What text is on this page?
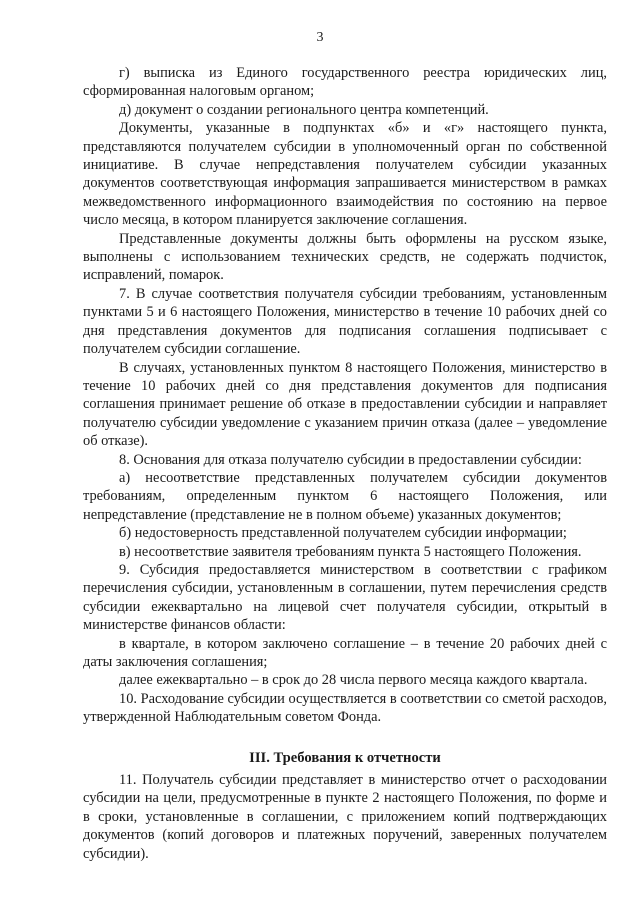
3

г) выписка из Единого государственного реестра юридических лиц, сформированная налоговым органом;

д) документ о создании регионального центра компетенций.

Документы, указанные в подпунктах «б» и «г» настоящего пункта, представляются получателем субсидии в уполномоченный орган по собственной инициативе. В случае непредставления получателем субсидии указанных документов соответствующая информация запрашивается министерством в рамках межведомственного информационного взаимодействия по состоянию на первое число месяца, в котором планируется заключение соглашения.

Представленные документы должны быть оформлены на русском языке, выполнены с использованием технических средств, не содержать подчисток, исправлений, помарок.

7. В случае соответствия получателя субсидии требованиям, установленным пунктами 5 и 6 настоящего Положения, министерство в течение 10 рабочих дней со дня представления документов для подписания соглашения подписывает с получателем субсидии соглашение.

В случаях, установленных пунктом 8 настоящего Положения, министерство в течение 10 рабочих дней со дня представления документов для подписания соглашения принимает решение об отказе в предоставлении субсидии и направляет получателю субсидии уведомление с указанием причин отказа (далее – уведомление об отказе).

8. Основания для отказа получателю субсидии в предоставлении субсидии:

а) несоответствие представленных получателем субсидии документов требованиям, определенным пунктом 6 настоящего Положения, или непредставление (представление не в полном объеме) указанных документов;

б) недостоверность представленной получателем субсидии информации;

в) несоответствие заявителя требованиям пункта 5 настоящего Положения.

9. Субсидия предоставляется министерством в соответствии с графиком перечисления субсидии, установленным в соглашении, путем перечисления средств субсидии ежеквартально на лицевой счет получателя субсидии, открытый в министерстве финансов области:

в квартале, в котором заключено соглашение – в течение 20 рабочих дней с даты заключения соглашения;

далее ежеквартально – в срок до 28 числа первого месяца каждого квартала.

10. Расходование субсидии осуществляется в соответствии со сметой расходов, утвержденной Наблюдательным советом Фонда.

III. Требования к отчетности

11. Получатель субсидии представляет в министерство отчет о расходовании субсидии на цели, предусмотренные в пункте 2 настоящего Положения, по форме и в сроки, установленные в соглашении, с приложением копий подтверждающих документов (копий договоров и платежных поручений, заверенных получателем субсидии).
